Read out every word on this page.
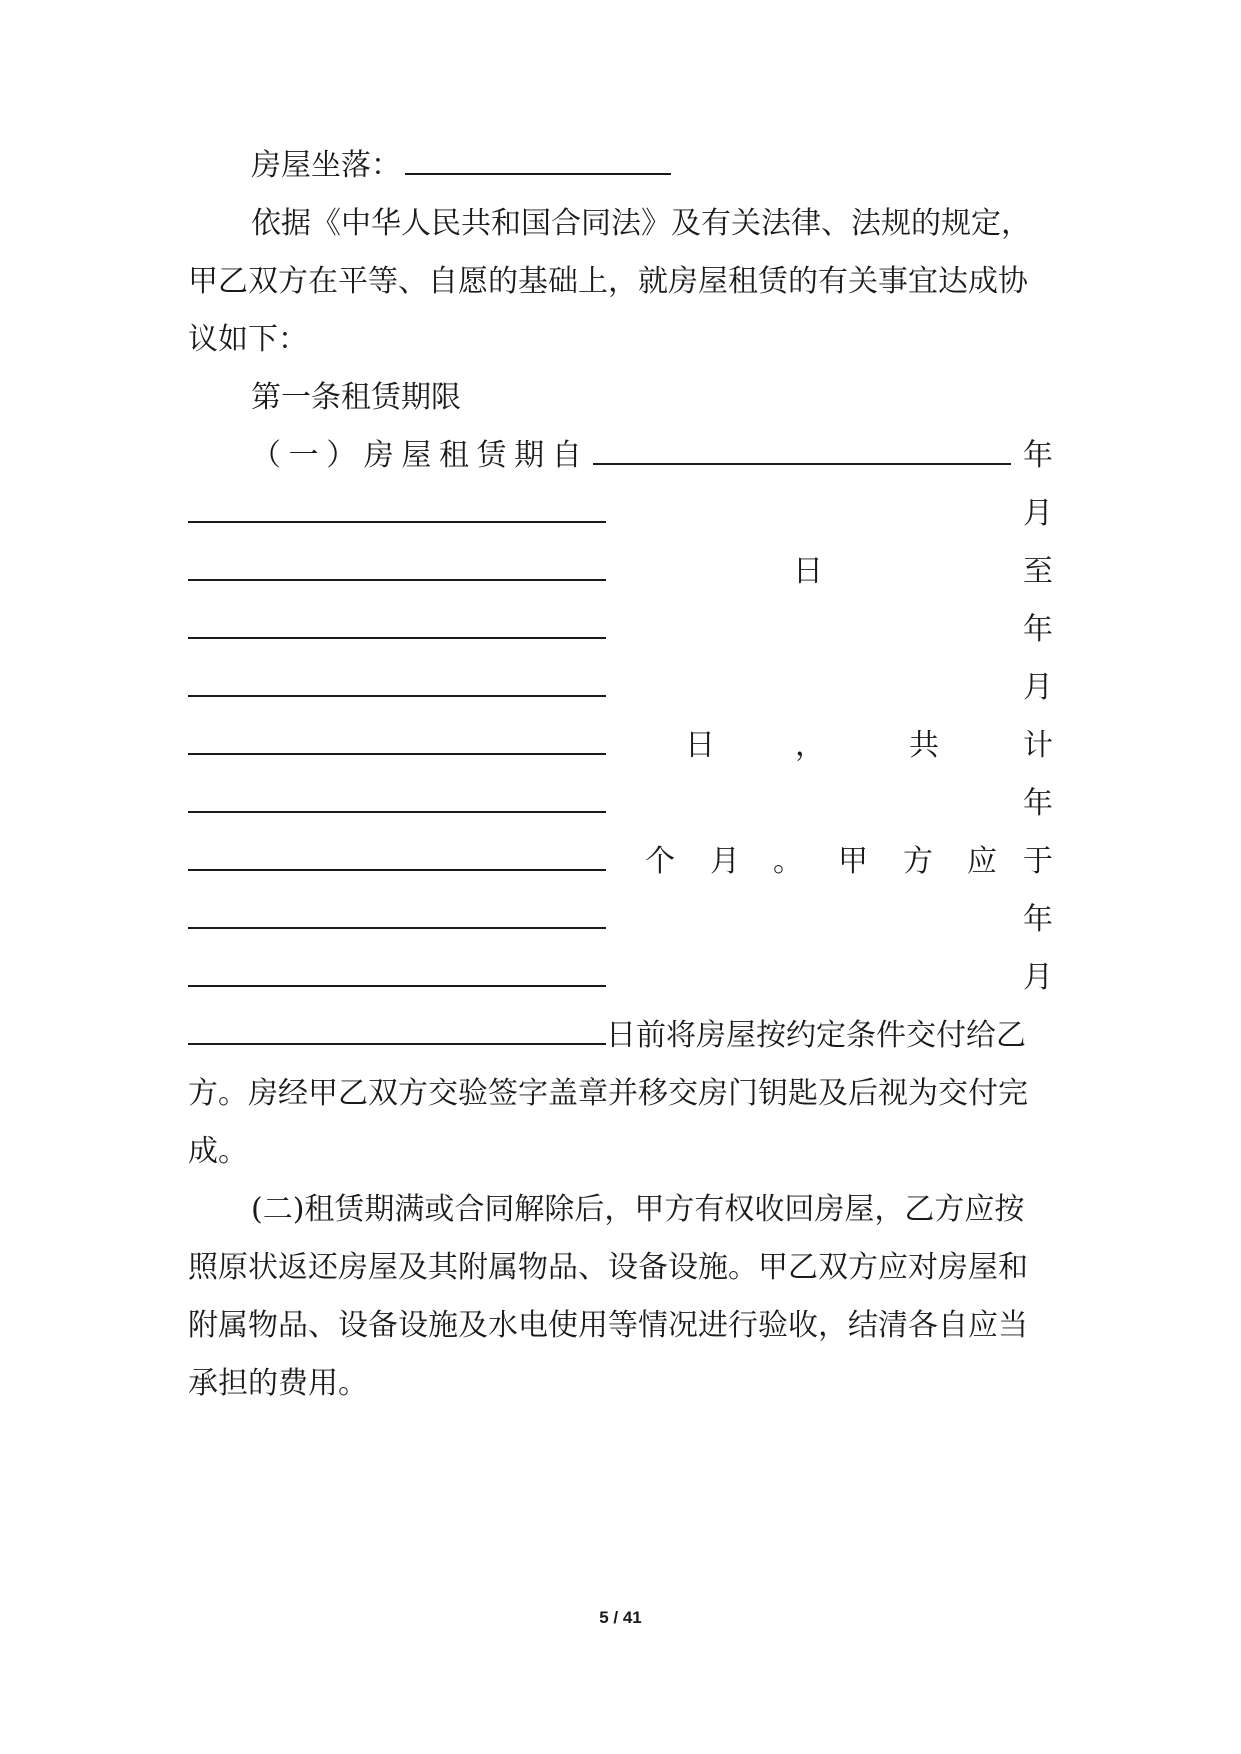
房屋坐落：
依据《中华人民共和国合同法》及有关法律、法规的规定，
甲乙双方在平等、自愿的基础上，就房屋租赁的有关事宜达成协
议如下：
第一条租赁期限
（ 一 ） 房 屋 租 赁 期 自	年
月
日	至
年
月
日	，	共	计
年
个 月 。 甲 方 应 于
年
月
日前将房屋按约定条件交付给乙
方。房经甲乙双方交验签字盖章并移交房门钥匙及后视为交付完
成。
(二)租赁期满或合同解除后，甲方有权收回房屋，乙方应按
照原状返还房屋及其附属物品、设备设施。甲乙双方应对房屋和
附属物品、设备设施及水电使用等情况进行验收，结清各自应当
承担的费用。
5 / 41
